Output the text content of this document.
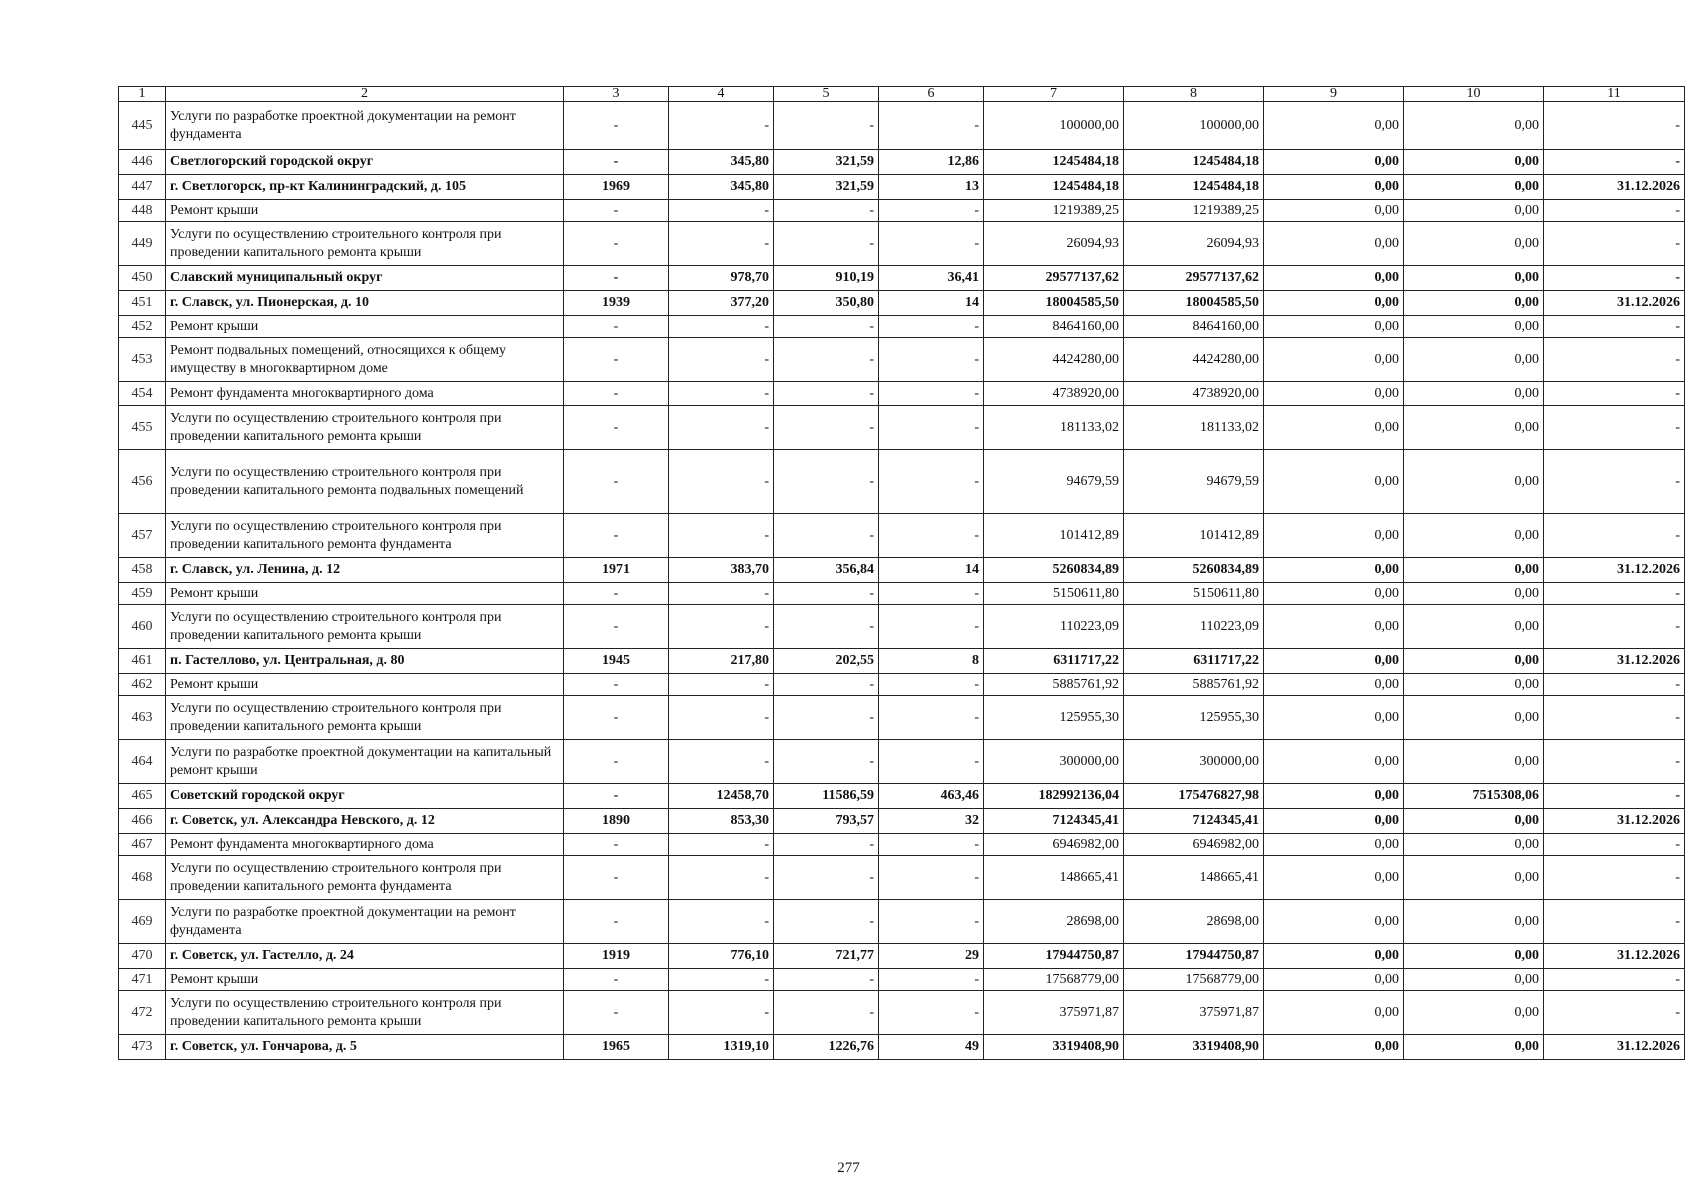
1	2	3	4	5	6	7	8	9	10	11
445	Услуги по разработке проектной документации на ремонт фундамента	-	-	-	-	100000,00	100000,00	0,00	0,00	-
446	Светлогорский городской округ	-	345,80	321,59	12,86	1245484,18	1245484,18	0,00	0,00	-
447	г. Светлогорск, пр-кт Калининградский, д. 105	1969	345,80	321,59	13	1245484,18	1245484,18	0,00	0,00	31.12.2026
448	Ремонт крыши	-	-	-	-	1219389,25	1219389,25	0,00	0,00	-
449	Услуги по осуществлению строительного контроля при проведении капитального ремонта крыши	-	-	-	-	26094,93	26094,93	0,00	0,00	-
450	Славский муниципальный округ	-	978,70	910,19	36,41	29577137,62	29577137,62	0,00	0,00	-
451	г. Славск, ул. Пионерская, д. 10	1939	377,20	350,80	14	18004585,50	18004585,50	0,00	0,00	31.12.2026
452	Ремонт крыши	-	-	-	-	8464160,00	8464160,00	0,00	0,00	-
453	Ремонт подвальных помещений, относящихся к общему имуществу в многоквартирном доме	-	-	-	-	4424280,00	4424280,00	0,00	0,00	-
454	Ремонт фундамента многоквартирного дома	-	-	-	-	4738920,00	4738920,00	0,00	0,00	-
455	Услуги по осуществлению строительного контроля при проведении капитального ремонта крыши	-	-	-	-	181133,02	181133,02	0,00	0,00	-
456	Услуги по осуществлению строительного контроля при проведении капитального ремонта подвальных помещений	-	-	-	-	94679,59	94679,59	0,00	0,00	-
457	Услуги по осуществлению строительного контроля при проведении капитального ремонта фундамента	-	-	-	-	101412,89	101412,89	0,00	0,00	-
458	г. Славск, ул. Ленина, д. 12	1971	383,70	356,84	14	5260834,89	5260834,89	0,00	0,00	31.12.2026
459	Ремонт крыши	-	-	-	-	5150611,80	5150611,80	0,00	0,00	-
460	Услуги по осуществлению строительного контроля при проведении капитального ремонта крыши	-	-	-	-	110223,09	110223,09	0,00	0,00	-
461	п. Гастеллово, ул. Центральная, д. 80	1945	217,80	202,55	8	6311717,22	6311717,22	0,00	0,00	31.12.2026
462	Ремонт крыши	-	-	-	-	5885761,92	5885761,92	0,00	0,00	-
463	Услуги по осуществлению строительного контроля при проведении капитального ремонта крыши	-	-	-	-	125955,30	125955,30	0,00	0,00	-
464	Услуги по разработке проектной документации на капитальный ремонт крыши	-	-	-	-	300000,00	300000,00	0,00	0,00	-
465	Советский городской округ	-	12458,70	11586,59	463,46	182992136,04	175476827,98	0,00	7515308,06	-
466	г. Советск, ул. Александра Невского, д. 12	1890	853,30	793,57	32	7124345,41	7124345,41	0,00	0,00	31.12.2026
467	Ремонт фундамента многоквартирного дома	-	-	-	-	6946982,00	6946982,00	0,00	0,00	-
468	Услуги по осуществлению строительного контроля при проведении капитального ремонта фундамента	-	-	-	-	148665,41	148665,41	0,00	0,00	-
469	Услуги по разработке проектной документации на ремонт фундамента	-	-	-	-	28698,00	28698,00	0,00	0,00	-
470	г. Советск, ул. Гастелло, д. 24	1919	776,10	721,77	29	17944750,87	17944750,87	0,00	0,00	31.12.2026
471	Ремонт крыши	-	-	-	-	17568779,00	17568779,00	0,00	0,00	-
472	Услуги по осуществлению строительного контроля при проведении капитального ремонта крыши	-	-	-	-	375971,87	375971,87	0,00	0,00	-
473	г. Советск, ул. Гончарова, д. 5	1965	1319,10	1226,76	49	3319408,90	3319408,90	0,00	0,00	31.12.2026
277
